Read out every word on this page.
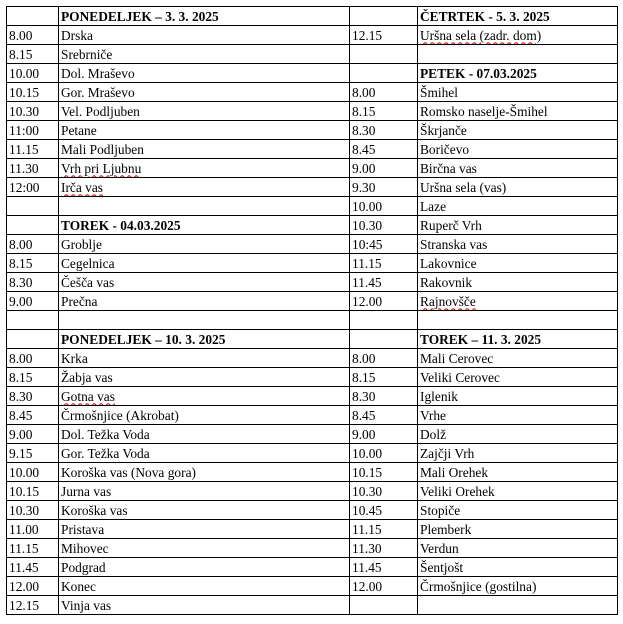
	PONEDELJEK – 3. 3. 2025		ČETRTEK - 5. 3. 2025
8.00	Drska	12.15	Uršna sela (zadr. dom)
8.15	Srebrniče		
10.00	Dol. Mraševo		PETEK - 07.03.2025
10.15	Gor. Mraševo	8.00	Šmihel
10.30	Vel. Podljuben	8.15	Romsko naselje-Šmihel
11:00	Petane	8.30	Škrjanče
11.15	Mali Podljuben	8.45	Boričevo
11.30	Vrh pri Ljubnu	9.00	Birčna vas
12:00	Irča vas	9.30	Uršna sela (vas)
		10.00	Laze
	TOREK - 04.03.2025	10.30	Ruperč Vrh
8.00	Groblje	10:45	Stranska vas
8.15	Cegelnica	11.15	Lakovnice
8.30	Češča vas	11.45	Rakovnik
9.00	Prečna	12.00	Rajnovšče

	PONEDELJEK – 10. 3. 2025		TOREK – 11. 3. 2025
8.00	Krka	8.00	Mali Cerovec
8.15	Žabja vas	8.15	Veliki Cerovec
8.30	Gotna vas	8.30	Iglenik
8.45	Črmošnjice (Akrobat)	8.45	Vrhe
9.00	Dol. Težka Voda	9.00	Dolž
9.15	Gor. Težka Voda	10.00	Zajčji Vrh
10.00	Koroška vas (Nova gora)	10.15	Mali Orehek
10.15	Jurna vas	10.30	Veliki Orehek
10.30	Koroška vas	10.45	Stopiče
11.00	Pristava	11.15	Plemberk
11.15	Mihovec	11.30	Verdun
11.45	Podgrad	11.45	Šentjošt
12.00	Konec	12.00	Črmošnjice (gostilna)
12.15	Vinja vas		
